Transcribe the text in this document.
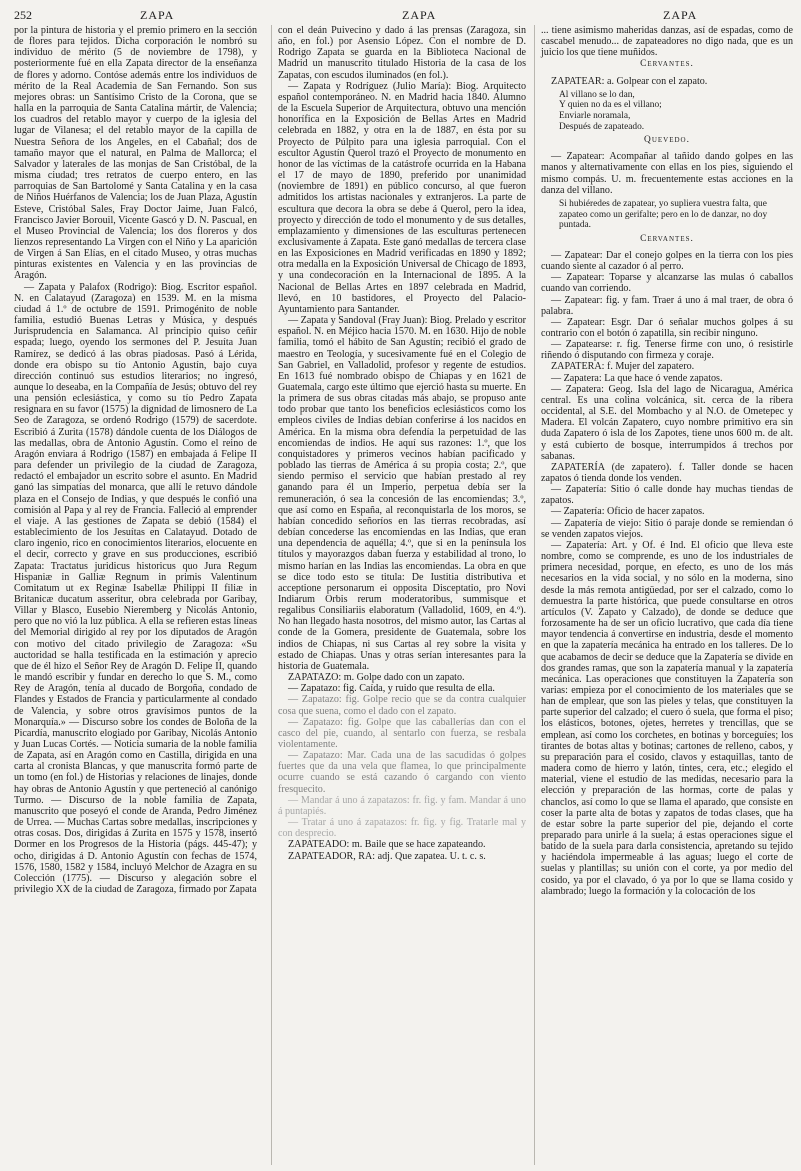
252	ZAPA	ZAPA	ZAPA

por la pintura de historia y el premio primero en la sección de flores para tejidos. Dicha corporación le nombró su individuo de mérito (5 de noviembre de 1798), y posteriormente fué en ella Zapata director de la enseñanza de flores y adorno. Contóse además entre los individuos de mérito de la Real Academia de San Fernando. Son sus mejores obras: un Santísimo Cristo de la Corona, que se halla en la parroquia de Santa Catalina mártir, de Valencia; los cuadros del retablo mayor y cuerpo de la iglesia del lugar de Vilanesa; el del retablo mayor de la capilla de Nuestra Señora de los Angeles, en el Cabañal; dos de tamaño mayor que el natural, en Palma de Mallorca; el Salvador y laterales de las monjas de San Cristóbal, de la misma ciudad; tres retratos de cuerpo entero, en las parroquias de San Bartolomé y Santa Catalina y en la casa de Niños Huérfanos de Valencia; los de Juan Plaza, Agustín Esteve, Cristóbal Sales, Fray Doctor Jaime, Juan Falcó, Francisco Javier Borouil, Vicente Gascó y D. N. Pascual, en el Museo Provincial de Valencia; los dos floreros y dos lienzos representando La Virgen con el Niño y La aparición de Virgen á San Elías, en el citado Museo, y otras muchas pinturas existentes en Valencia y en las provincias de Aragón.

— Zapata y Palafox (Rodrigo): Biog. Escritor español. N. en Calatayud (Zaragoza) en 1539. M. en la misma ciudad á 1.º de octubre de 1591. Primogénito de noble familia, estudió Buenas Letras y Música, y después Jurisprudencia en Salamanca. Al principio quiso ceñir espada; luego, oyendo los sermones del P. Jesuíta Juan Ramírez, se dedicó á las obras piadosas. Pasó á Lérida, donde era obispo su tío Antonio Agustín, bajo cuya dirección continuó sus estudios literarios; no ingresó, aunque lo deseaba, en la Compañía de Jesús; obtuvo del rey una pensión eclesiástica, y como su tío Pedro Zapata resignara en su favor (1575) la dignidad de limosnero de La Seo de Zaragoza, se ordenó Rodrigo (1579) de sacerdote. Escribió á Zurita (1578) dándole cuenta de los Diálogos de las medallas, obra de Antonio Agustín. Como el reino de Aragón enviara á Rodrigo (1587) en embajada á Felipe II para defender un privilegio de la ciudad de Zaragoza, redactó el embajador un escrito sobre el asunto. En Madrid ganó las simpatías del monarca, que allí le retuvo dándole plaza en el Consejo de Indias, y que después le confió una comisión al Papa y al rey de Francia. Falleció al emprender el viaje. A las gestiones de Zapata se debió (1584) el establecimiento de los Jesuítas en Calatayud. Dotado de claro ingenio, rico en conocimientos literarios, elocuente en el decir, correcto y grave en sus producciones, escribió Zapata: Tractatus juridicus historicus quo Jura Regum Hispaniæ in Galliæ Regnum in primis Valentinum Comitatum ut ex Reginæ Isabellæ Philippi II filiæ in Britanicæ ducatum asseritur, obra celebrada por Garibay, Villar y Blasco, Eusebio Nieremberg y Nicolás Antonio, pero que no vió la luz pública. A ella se refieren estas líneas del Memorial dirigido al rey por los diputados de Aragón con motivo del citado privilegio de Zaragoza: «Su auctoridad se halla testificada en la estimación y aprecio que de él hizo el Señor Rey de Aragón D. Felipe II, quando le mandó escribir y fundar en derecho lo que S. M., como Rey de Aragón, tenía al ducado de Borgoña, condado de Flandes y Estados de Francia y particularmente al condado de Valencia, y sobre otros gravísimos puntos de la Monarquía.» — Discurso sobre los condes de Boloña de la Picardía, manuscrito elogiado por Garibay, Nicolás Antonio y Juan Lucas Cortés. — Noticia sumaria de la noble familia de Zapata, así en Aragón como en Castilla, dirigida en una carta al cronista Blancas, y que manuscrita formó parte de un tomo (en fol.) de Historias y relaciones de linajes, donde hay obras de Antonio Agustín y que perteneció al canónigo Turmo. — Discurso de la noble familia de Zapata, manuscrito que poseyó el conde de Aranda, Pedro Jiménez de Urrea. — Muchas Cartas sobre medallas, inscripciones y otras cosas. Dos, dirigidas á Zurita en 1575 y 1578, insertó Dormer en los Progresos de la Historia (págs. 445-47); y ocho, dirigidas á D. Antonio Agustín con fechas de 1574, 1576, 1580, 1582 y 1584, incluyó Melchor de Azagra en su Colección (1775). — Discurso y alegación sobre el privilegio XX de la ciudad de Zaragoza, firmado por Zapata

con el deán Puivecino y dado á las prensas (Zaragoza, sin año, en fol.) por Asensio López. Con el nombre de D. Rodrigo Zapata se guarda en la Biblioteca Nacional de Madrid un manuscrito titulado Historia de la casa de los Zapatas, con escudos iluminados (en fol.).

— Zapata y Rodríguez (Julio María): Biog. Arquitecto español contemporáneo. N. en Madrid hacia 1840. Alumno de la Escuela Superior de Arquitectura, obtuvo una mención honorífica en la Exposición de Bellas Artes en Madrid celebrada en 1882, y otra en la de 1887, en ésta por su Proyecto de Púlpito para una iglesia parroquial. Con el escultor Agustín Querol trazó el Proyecto de monumento en honor de las víctimas de la catástrofe ocurrida en la Habana el 17 de mayo de 1890, preferido por unanimidad (noviembre de 1891) en público concurso, al que fueron admitidos los artistas nacionales y extranjeros. La parte de escultura que decora la obra se debe á Querol, pero la idea, proyecto y dirección de todo el monumento y de sus detalles, emplazamiento y dimensiones de las esculturas pertenecen exclusivamente á Zapata. Este ganó medallas de tercera clase en las Exposiciones en Madrid verificadas en 1890 y 1892; otra medalla en la Exposición Universal de Chicago de 1893, y una condecoración en la Internacional de 1895. A la Nacional de Bellas Artes en 1897 celebrada en Madrid, llevó, en 10 bastidores, el Proyecto del Palacio-Ayuntamiento para Santander.

— Zapata y Sandoval (Fray Juan): Biog. Prelado y escritor español. N. en Méjico hacia 1570. M. en 1630. Hijo de noble familia, tomó el hábito de San Agustín; recibió el grado de maestro en Teología, y sucesivamente fué en el Colegio de San Gabriel, en Valladolid, profesor y regente de estudios. En 1613 fué nombrado obispo de Chiapas y en 1621 de Guatemala, cargo este último que ejerció hasta su muerte. En la primera de sus obras citadas más abajo, se propuso ante todo probar que tanto los beneficios eclesiásticos como los empleos civiles de Indias debían conferirse á los nacidos en América. En la misma obra defendía la perpetuidad de las encomiendas de indios. He aquí sus razones: 1.º, que los conquistadores y primeros vecinos habían pacificado y poblado las tierras de América á su propia costa; 2.º, que siendo permiso el servicio que habían prestado al rey ganando para él un Imperio, perpetua debía ser la remuneración, ó sea la concesión de las encomiendas; 3.º, que así como en España, al reconquistarla de los moros, se habían concedido señoríos en las tierras recobradas, así debían concederse las encomiendas en las Indias, que eran una dependencia de aquélla; 4.º, que si en la península los títulos y mayorazgos daban fuerza y estabilidad al trono, lo mismo harían en las Indias las encomiendas. La obra en que se dice todo esto se titula: De Iustitia distributiva et acceptione personarum ei opposita Disceptatio, pro Novi Indiarum Orbis rerum moderatoribus, summisque et regalibus Consiliariis elaboratum (Valladolid, 1609, en 4.º). No han llegado hasta nosotros, del mismo autor, las Cartas al conde de la Gomera, presidente de Guatemala, sobre los indios de Chiapas, ni sus Cartas al rey sobre la visita y estado de Chiapas. Unas y otras serían interesantes para la historia de Guatemala.

ZAPATAZO: m. Golpe dado con un zapato.

— Zapatazo: fig. Caída, y ruido que resulta de ella.

— Zapatazo: fig. Golpe recio que se da contra cualquier cosa que suena, como el dado con el zapato.

— Zapatazo: fig. Golpe que las caballerías dan con el casco del pie, cuando, al sentarlo con fuerza, se resbala violentamente.

— Zapatazo: Mar. Cada una de las sacudidas ó golpes fuertes que da una vela que flamea, lo que principalmente ocurre cuando se está cazando ó cargando con viento fresquecito.

— Mandar á uno á zapatazos: fr. fig. y fam. Mandar á uno á puntapiés.

— Tratar á uno á zapatazos: fr. fig. y fig. Tratarle mal y con desprecio.

ZAPATEADO: m. Baile que se hace zapateando.

ZAPATEADOR, RA: adj. Que zapatea. U. t. c. s.

... tiene asimismo maheridas danzas, así de espadas, como de cascabel menudo... de zapateadores no digo nada, que es un juicio los que tiene muñidos.

Cervantes.

ZAPATEAR: a. Golpear con el zapato.

Al villano se lo dan,
Y quien no da es el villano;
Enviarle noramala,
Después de zapateado.

Quevedo.

— Zapatear: Acompañar al tañido dando golpes en las manos y alternativamente con ellas en los pies, siguiendo el mismo compás. U. m. frecuentemente estas acciones en la danza del villano.

Si hubiéredes de zapatear, yo supliera vuestra falta, que zapateo como un gerifalte; pero en lo de danzar, no doy puntada.

Cervantes.

— Zapatear: Dar el conejo golpes en la tierra con los pies cuando siente al cazador ó al perro.

— Zapatear: Toparse y alcanzarse las mulas ó caballos cuando van corriendo.

— Zapatear: fig. y fam. Traer á uno á mal traer, de obra ó palabra.

— Zapatear: Esgr. Dar ó señalar muchos golpes á su contrario con el botón ó zapatilla, sin recibir ninguno.

— Zapatearse: r. fig. Tenerse firme con uno, ó resistirle riñendo ó disputando con firmeza y coraje.

ZAPATERA: f. Mujer del zapatero.

— Zapatera: La que hace ó vende zapatos.

— Zapatera: Geog. Isla del lago de Nicaragua, América central. Es una colina volcánica, sit. cerca de la ribera occidental, al S.E. del Mombacho y al N.O. de Ometepec y Madera. El volcán Zapatero, cuyo nombre primitivo era sin duda Zapatero ó isla de los Zapotes, tiene unos 600 m. de alt. y está cubierto de bosque, interrumpidos á trechos por sabanas.

ZAPATERÍA (de zapatero). f. Taller donde se hacen zapatos ó tienda donde los venden.

— Zapatería: Sitio ó calle donde hay muchas tiendas de zapatos.

— Zapatería: Oficio de hacer zapatos.

— Zapatería de viejo: Sitio ó paraje donde se remiendan ó se venden zapatos viejos.

— Zapatería: Art. y Of. é Ind. El oficio que lleva este nombre, como se comprende, es uno de los industriales de primera necesidad, porque, en efecto, es uno de los más necesarios en la vida social, y no sólo en la moderna, sino desde la más remota antigüedad, por ser el calzado, como lo demuestra la parte histórica, que puede consultarse en otros artículos (V. Zapato y Calzado), de donde se deduce que forzosamente ha de ser un oficio lucrativo, que cada día tiene mayor tendencia á convertirse en industria, desde el momento en que la zapatería mecánica ha entrado en los talleres. De lo que acabamos de decir se deduce que la Zapatería se divide en dos grandes ramas, que son la zapatería manual y la zapatería mecánica. Las operaciones que constituyen la Zapatería son varias: empieza por el conocimiento de los materiales que se han de emplear, que son las pieles y telas, que constituyen la parte superior del calzado; el cuero ó suela, que forma el piso; los elásticos, botones, ojetes, herretes y trencillas, que se emplean, así como los corchetes, en botinas y borceguíes; los tirantes de botas altas y botinas; cartones de relleno, cabos, y su preparación para el cosido, clavos y estaquillas, tanto de madera como de hierro y latón, tintes, cera, etc.; elegido el material, viene el estudio de las medidas, necesario para la elección y preparación de las hormas, corte de palas y chanclos, así como lo que se llama el aparado, que consiste en coser la parte alta de botas y zapatos de todas clases, que ha de estar sobre la parte superior del pie, dejando el corte preparado para unirle á la suela; á estas operaciones sigue el batido de la suela para darla consistencia, apretando su tejido y haciéndola impermeable á las aguas; luego el corte de suelas y plantillas; su unión con el corte, ya por medio del cosido, ya por el clavado, ó ya por lo que se llama cosido y alambrado; luego la formación y la colocación de los
